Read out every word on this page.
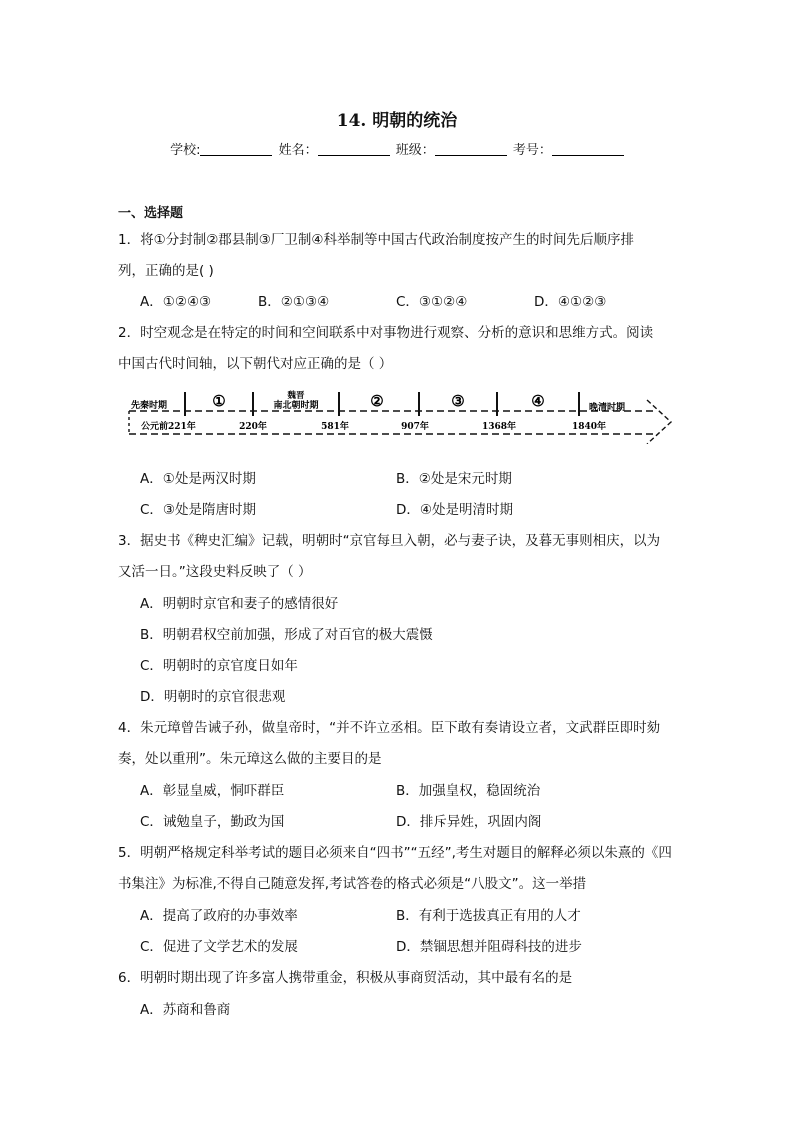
14. 明朝的统治
学校:	姓名：	班级：	考号：
一、选择题
1．将①分封制②郡县制③厂卫制④科举制等中国古代政治制度按产生的时间先后顺序排
列，正确的是( )
A．①②④③	B．②①③④	C．③①②④	D．④①②③
2．时空观念是在特定的时间和空间联系中对事物进行观察、分析的意识和思维方式。阅读
中国古代时间轴，以下朝代对应正确的是（ ）
先秦时期	①	魏晋
南北朝时期	②	③	④	晚清时期
公元前221年	220年	581年	907年	1368年	1840年
A．①处是两汉时期	B．②处是宋元时期
C．③处是隋唐时期	D．④处是明清时期
3．据史书《稗史汇编》记载，明朝时“京官每旦入朝，必与妻子诀，及暮无事则相庆，以为
又活一日。”这段史料反映了（ ）
A．明朝时京官和妻子的感情很好
B．明朝君权空前加强，形成了对百官的极大震慑
C．明朝时的京官度日如年
D．明朝时的京官很悲观
4．朱元璋曾告诫子孙，做皇帝时，“并不许立丞相。臣下敢有奏请设立者，文武群臣即时劾
奏，处以重刑”。朱元璋这么做的主要目的是
A．彰显皇威，恫吓群臣	B．加强皇权，稳固统治
C．诫勉皇子，勤政为国	D．排斥异姓，巩固内阁
5．明朝严格规定科举考试的题目必须来自“四书”“五经”,考生对题目的解释必须以朱熹的《四
书集注》为标准,不得自己随意发挥,考试答卷的格式必须是“八股文”。这一举措
A．提高了政府的办事效率	B．有利于选拔真正有用的人才
C．促进了文学艺术的发展	D．禁锢思想并阻碍科技的进步
6．明朝时期出现了许多富人携带重金，积极从事商贸活动，其中最有名的是
A．苏商和鲁商
